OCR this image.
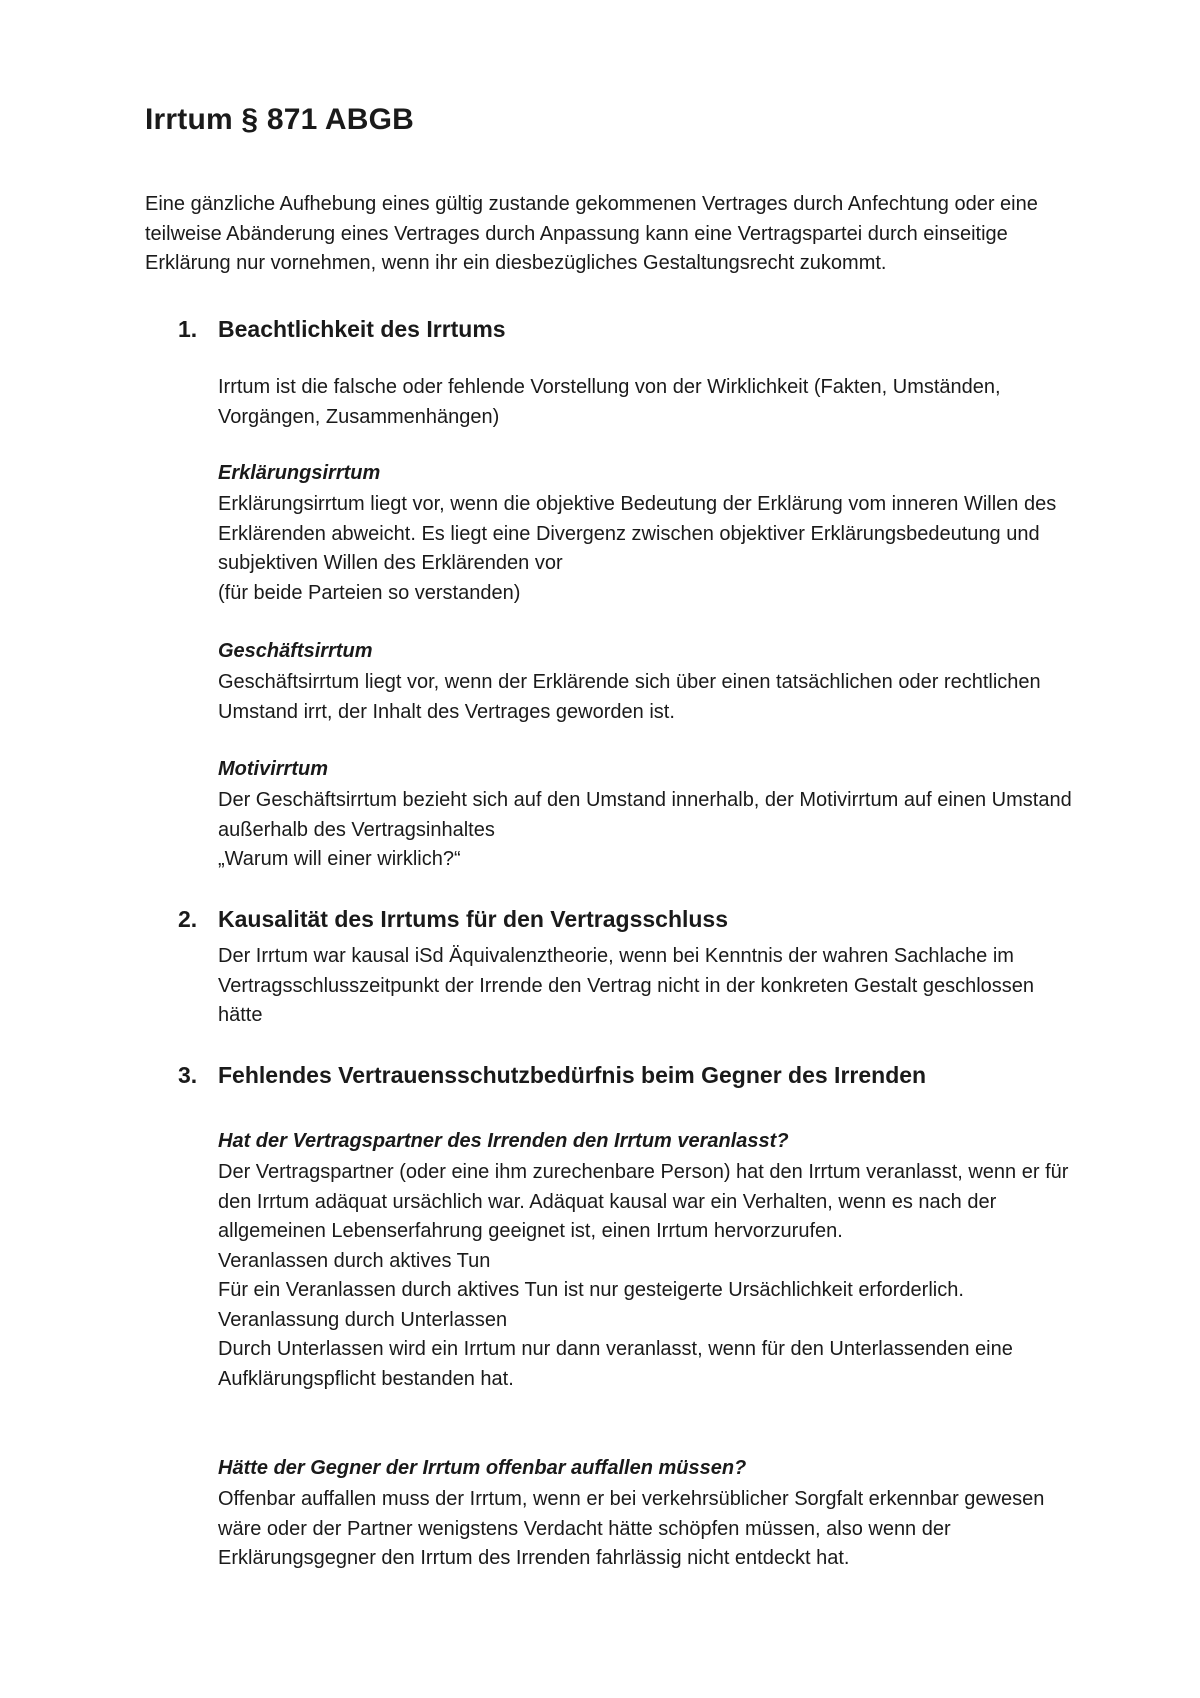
Irrtum § 871 ABGB

Eine gänzliche Aufhebung eines gültig zustande gekommenen Vertrages durch Anfechtung oder eine teilweise Abänderung eines Vertrages durch Anpassung kann eine Vertragspartei durch einseitige Erklärung nur vornehmen, wenn ihr ein diesbezügliches Gestaltungsrecht zukommt.

1. Beachtlichkeit des Irrtums

Irrtum ist die falsche oder fehlende Vorstellung von der Wirklichkeit (Fakten, Umständen, Vorgängen, Zusammenhängen)

Erklärungsirrtum

Erklärungsirrtum liegt vor, wenn die objektive Bedeutung der Erklärung vom inneren Willen des Erklärenden abweicht. Es liegt eine Divergenz zwischen objektiver Erklärungsbedeutung und subjektiven Willen des Erklärenden vor
(für beide Parteien so verstanden)

Geschäftsirrtum

Geschäftsirrtum liegt vor, wenn der Erklärende sich über einen tatsächlichen oder rechtlichen Umstand irrt, der Inhalt des Vertrages geworden ist.

Motivirrtum

Der Geschäftsirrtum bezieht sich auf den Umstand innerhalb, der Motivirrtum auf einen Umstand außerhalb des Vertragsinhaltes
„Warum will einer wirklich?“

2. Kausalität des Irrtums für den Vertragsschluss

Der Irrtum war kausal iSd Äquivalenztheorie, wenn bei Kenntnis der wahren Sachlache im Vertragsschlusszeitpunkt der Irrende den Vertrag nicht in der konkreten Gestalt geschlossen hätte

3. Fehlendes Vertrauensschutzbedürfnis beim Gegner des Irrenden

Hat der Vertragspartner des Irrenden den Irrtum veranlasst?

Der Vertragspartner (oder eine ihm zurechenbare Person) hat den Irrtum veranlasst, wenn er für den Irrtum adäquat ursächlich war. Adäquat kausal war ein Verhalten, wenn es nach der allgemeinen Lebenserfahrung geeignet ist, einen Irrtum hervorzurufen.
Veranlassen durch aktives Tun
Für ein Veranlassen durch aktives Tun ist nur gesteigerte Ursächlichkeit erforderlich.
Veranlassung durch Unterlassen
Durch Unterlassen wird ein Irrtum nur dann veranlasst, wenn für den Unterlassenden eine Aufklärungspflicht bestanden hat.

Hätte der Gegner der Irrtum offenbar auffallen müssen?

Offenbar auffallen muss der Irrtum, wenn er bei verkehrsüblicher Sorgfalt erkennbar gewesen wäre oder der Partner wenigstens Verdacht hätte schöpfen müssen, also wenn der Erklärungsgegner den Irrtum des Irrenden fahrlässig nicht entdeckt hat.
